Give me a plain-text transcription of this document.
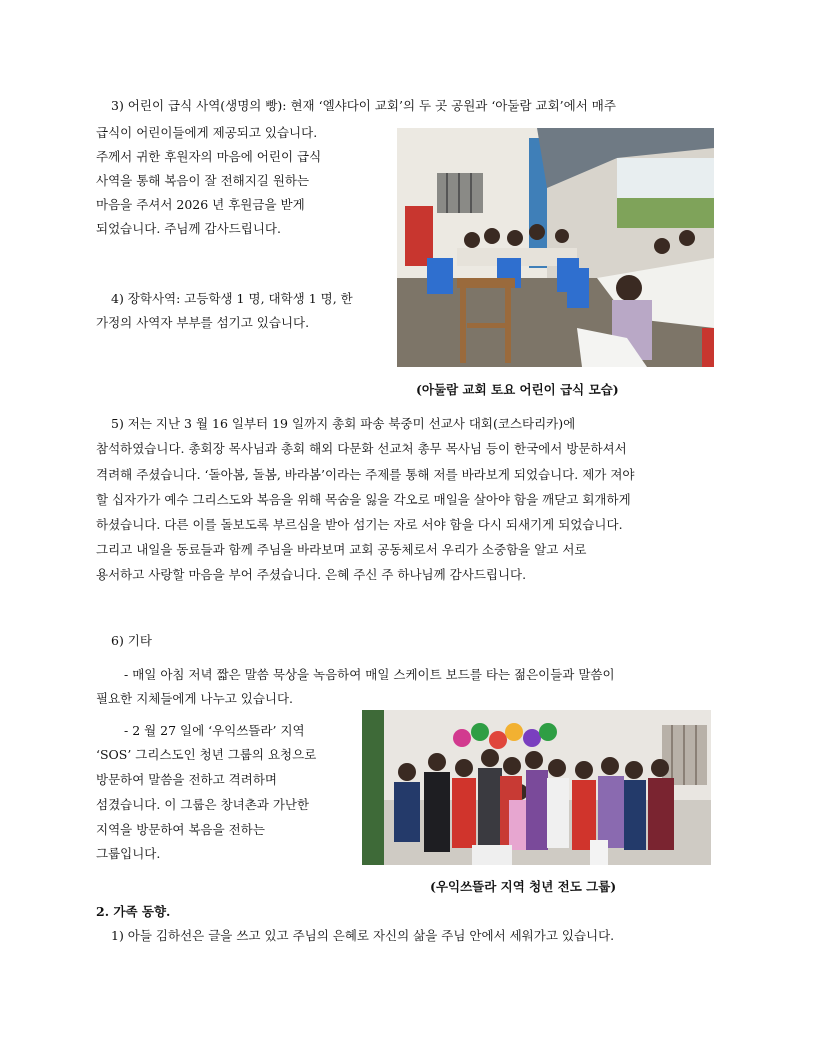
3) 어린이 급식 사역(생명의 빵): 현재 ‘엘샤다이 교회’의 두 곳 공원과 ‘아둘람 교회’에서 매주
급식이 어린이들에게 제공되고 있습니다.
주께서 귀한 후원자의 마음에 어린이 급식
사역을 통해 복음이 잘 전해지길 원하는
마음을 주셔서 2026 년 후원금을 받게
되었습니다. 주님께 감사드립니다.
4) 장학사역: 고등학생 1 명, 대학생 1 명, 한
가정의 사역자 부부를 섬기고 있습니다.
(아둘람 교회 토요 어린이 급식 모습)
5) 저는 지난 3 월 16 일부터 19 일까지 총회 파송 북중미 선교사 대회(코스타리카)에
참석하였습니다. 총회장 목사님과 총회 해외 다문화 선교처 총무 목사님 등이 한국에서 방문하셔서
격려해 주셨습니다. ‘돌아봄, 돌봄, 바라봄’이라는 주제를 통해 저를 바라보게 되었습니다. 제가 져야
할 십자가가 예수 그리스도와 복음을 위해 목숨을 잃을 각오로 매일을 살아야 함을 깨닫고 회개하게
하셨습니다. 다른 이를 돌보도록 부르심을 받아 섬기는 자로 서야 함을 다시 되새기게 되었습니다.
그리고 내일을 동료들과 함께 주님을 바라보며 교회 공동체로서 우리가 소중함을 알고 서로
용서하고 사랑할 마음을 부어 주셨습니다. 은혜 주신 주 하나님께 감사드립니다.
6) 기타
- 매일 아침 저녁 짧은 말씀 묵상을 녹음하여 매일 스케이트 보드를 타는 젊은이들과 말씀이
필요한 지체들에게 나누고 있습니다.
- 2 월 27 일에 ‘우익쓰뜰라’ 지역
‘SOS’ 그리스도인 청년 그룹의 요청으로
방문하여 말씀을 전하고 격려하며
섬겼습니다. 이 그룹은 창녀촌과 가난한
지역을 방문하여 복음을 전하는
그룹입니다.
(우익쓰뜰라 지역 청년 전도 그룹)
2. 가족 동향.
1) 아들 김하선은 글을 쓰고 있고 주님의 은혜로 자신의 삶을 주님 안에서 세워가고 있습니다.
